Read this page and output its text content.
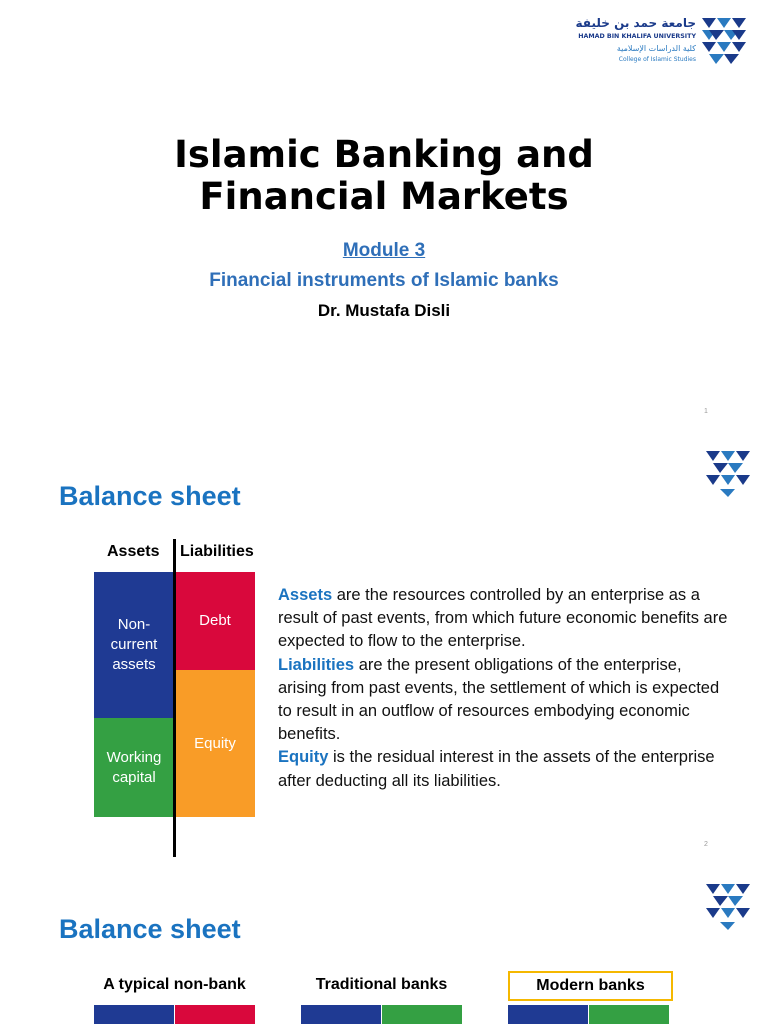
جامعة حمد بن خليفة
HAMAD BIN KHALIFA UNIVERSITY
كلية الدراسات الإسلامية
College of Islamic Studies
Islamic Banking and
Financial Markets
Module 3
Financial instruments of Islamic banks
Dr. Mustafa Disli
1
Balance sheet
Assets Liabilities
Non-
current
assets
Working
capital
Debt
Equity
Assets are the resources controlled by an enterprise as a result of past events, from which future economic benefits are expected to flow to the enterprise.
Liabilities are the present obligations of the enterprise, arising from past events, the settlement of which is expected to result in an outflow of resources embodying economic benefits.
Equity is the residual interest in the assets of the enterprise after deducting all its liabilities.
2
Balance sheet
A typical non-bank	Traditional banks	Modern banks
